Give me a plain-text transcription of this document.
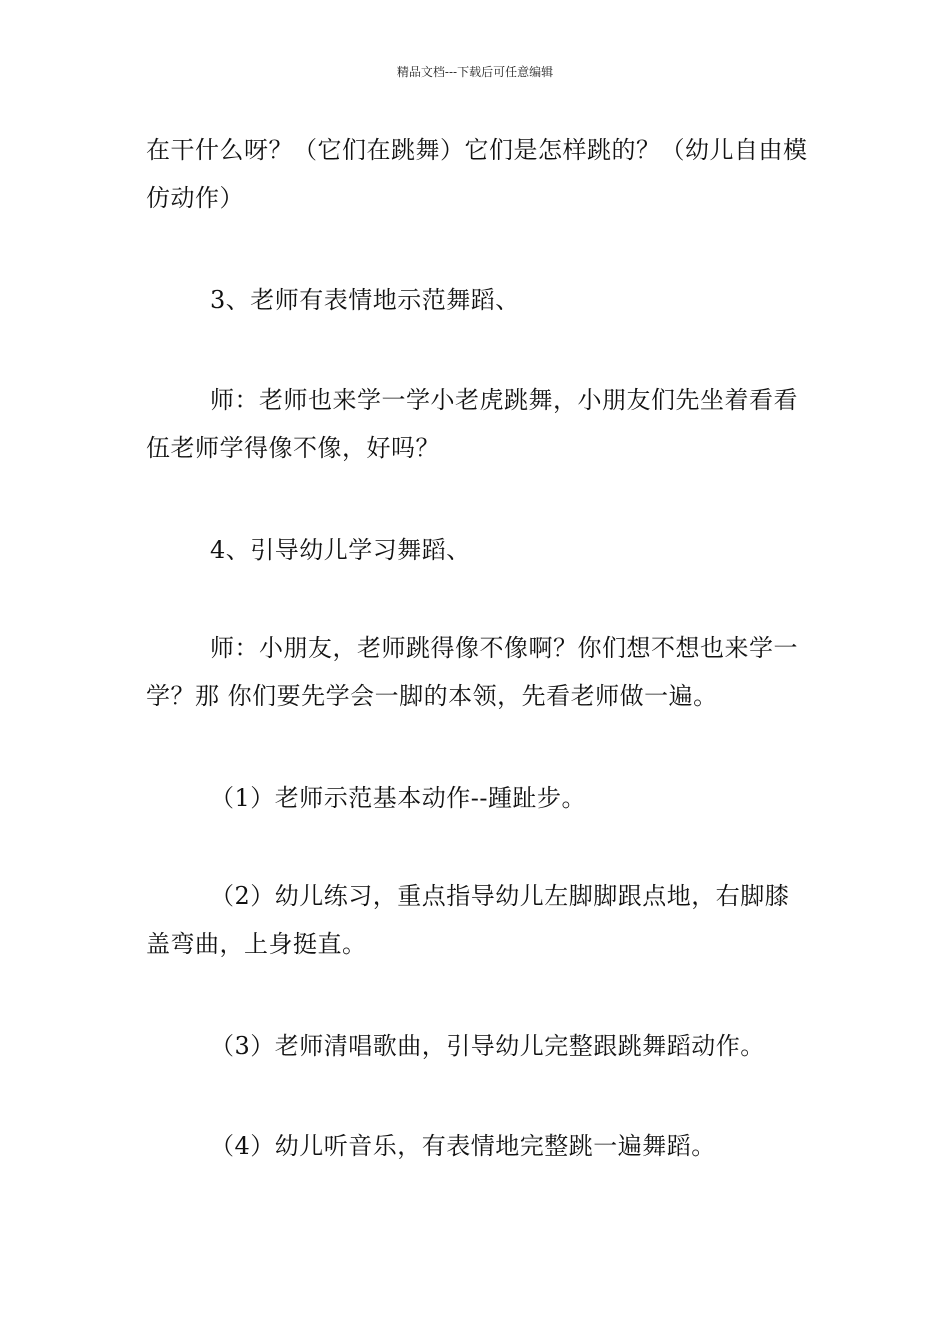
精品文档---下载后可任意编辑

在干什么呀？（它们在跳舞）它们是怎样跳的？（幼儿自由模仿动作）

3、老师有表情地示范舞蹈、

师：老师也来学一学小老虎跳舞，小朋友们先坐着看看伍老师学得像不像，好吗？

4、引导幼儿学习舞蹈、

师：小朋友，老师跳得像不像啊？你们想不想也来学一学？那 你们要先学会一脚的本领，先看老师做一遍。

（1）老师示范基本动作--踵趾步。

（2）幼儿练习，重点指导幼儿左脚脚跟点地，右脚膝盖弯曲，上身挺直。

（3）老师清唱歌曲，引导幼儿完整跟跳舞蹈动作。

（4）幼儿听音乐，有表情地完整跳一遍舞蹈。
